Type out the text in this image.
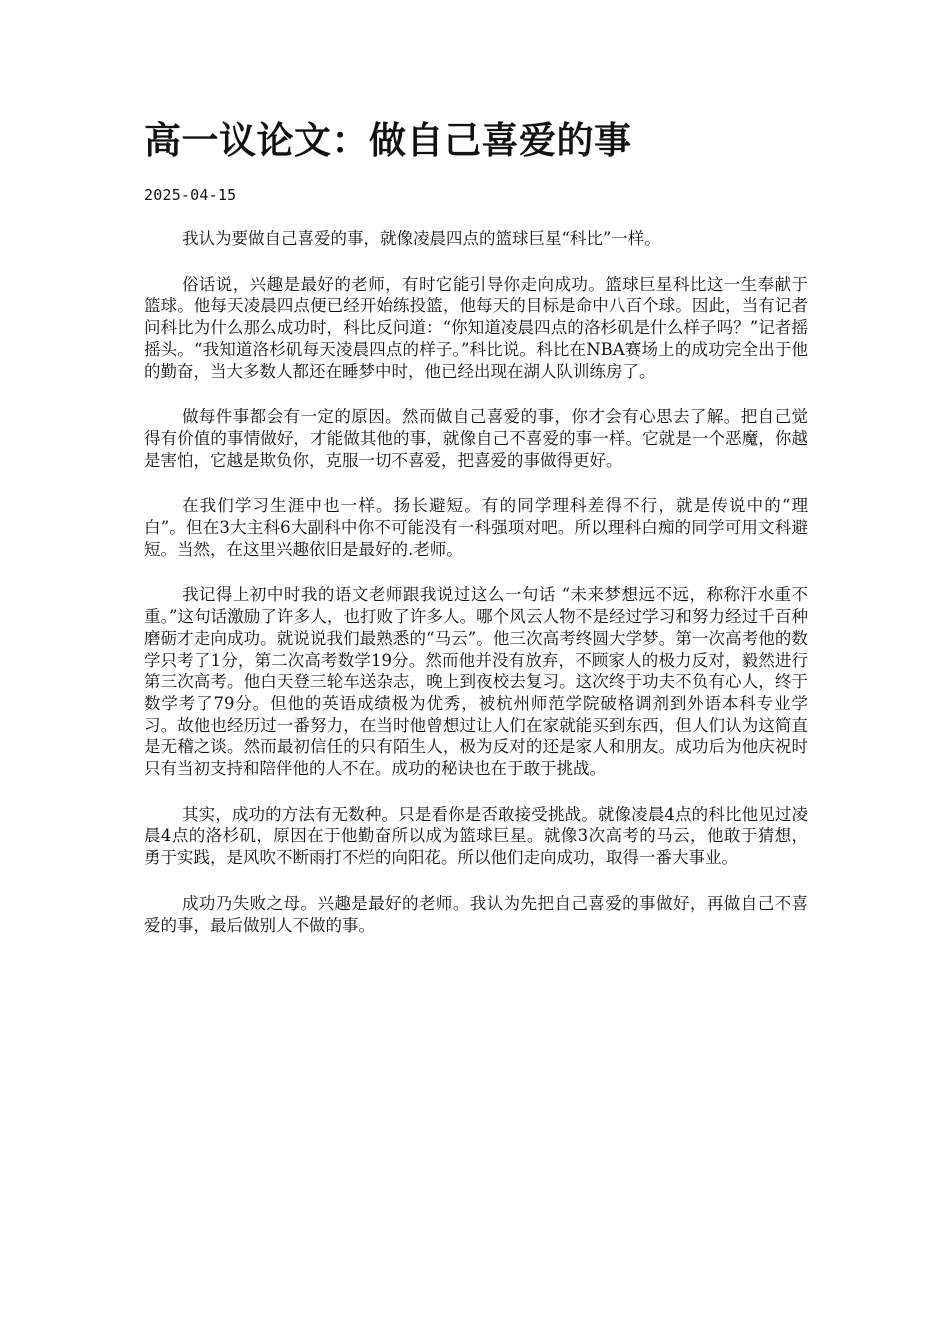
高一议论文：做自己喜爱的事
2025-04-15

我认为要做自己喜爱的事，就像凌晨四点的篮球巨星“科比”一样。

俗话说，兴趣是最好的老师，有时它能引导你走向成功。篮球巨星科比这一生奉献于篮球。他每天凌晨四点便已经开始练投篮，他每天的目标是命中八百个球。因此，当有记者问科比为什么那么成功时，科比反问道：“你知道凌晨四点的洛杉矶是什么样子吗？”记者摇摇头。“我知道洛杉矶每天凌晨四点的样子。”科比说。科比在NBA赛场上的成功完全出于他的勤奋，当大多数人都还在睡梦中时，他已经出现在湖人队训练房了。

做每件事都会有一定的原因。然而做自己喜爱的事，你才会有心思去了解。把自己觉得有价值的事情做好，才能做其他的事，就像自己不喜爱的事一样。它就是一个恶魔，你越是害怕，它越是欺负你，克服一切不喜爱，把喜爱的事做得更好。

在我们学习生涯中也一样。扬长避短。有的同学理科差得不行，就是传说中的“理白”。但在3大主科6大副科中你不可能没有一科强项对吧。所以理科白痴的同学可用文科避短。当然，在这里兴趣依旧是最好的.老师。

我记得上初中时我的语文老师跟我说过这么一句话 “未来梦想远不远，称称汗水重不重。”这句话激励了许多人，也打败了许多人。哪个风云人物不是经过学习和努力经过千百种磨砺才走向成功。就说说我们最熟悉的“马云”。他三次高考终圆大学梦。第一次高考他的数学只考了1分，第二次高考数学19分。然而他并没有放弃，不顾家人的极力反对，毅然进行第三次高考。他白天登三轮车送杂志，晚上到夜校去复习。这次终于功夫不负有心人，终于数学考了79分。但他的英语成绩极为优秀，被杭州师范学院破格调剂到外语本科专业学习。故他也经历过一番努力，在当时他曾想过让人们在家就能买到东西，但人们认为这简直是无稽之谈。然而最初信任的只有陌生人，极为反对的还是家人和朋友。成功后为他庆祝时只有当初支持和陪伴他的人不在。成功的秘诀也在于敢于挑战。

其实，成功的方法有无数种。只是看你是否敢接受挑战。就像凌晨4点的科比他见过凌晨4点的洛杉矶，原因在于他勤奋所以成为篮球巨星。就像3次高考的马云，他敢于猜想，勇于实践，是风吹不断雨打不烂的向阳花。所以他们走向成功，取得一番大事业。

成功乃失败之母。兴趣是最好的老师。我认为先把自己喜爱的事做好，再做自己不喜爱的事，最后做别人不做的事。
